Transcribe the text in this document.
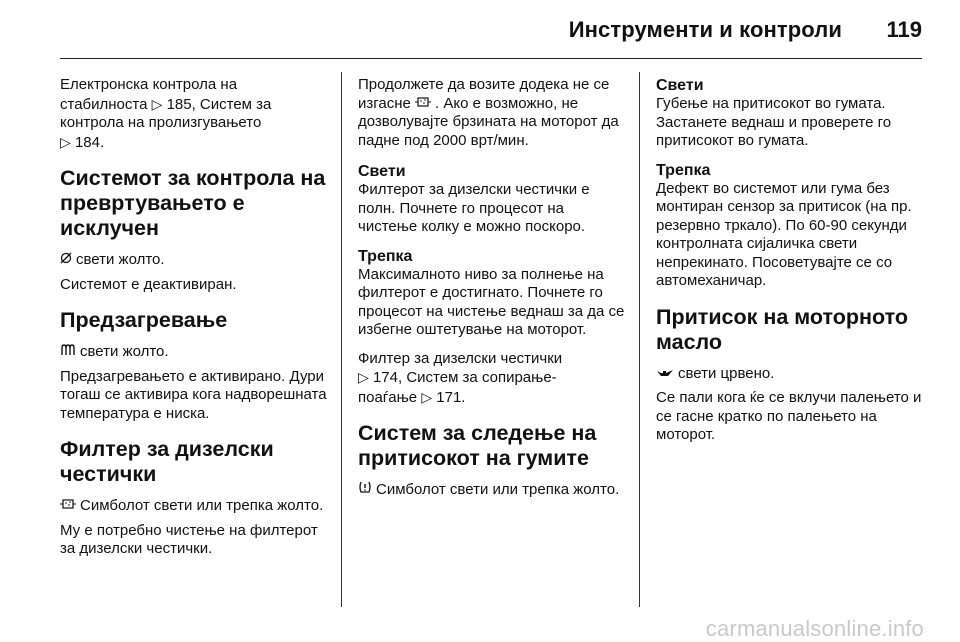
Инструменти и контроли 119

Електронска контрола на
стабилноста ▷ 185, Систем за
контрола на пролизгувањето
▷ 184.

Системот за контрола на превртувањето е исклучен

свети жолто.

Системот е деактивиран.

Предзагревање

свети жолто.

Предзагревањето е активирано. Дури тогаш се активира кога надворешната температура е ниска.

Филтер за дизелски честички

Симболот свети или трепка жолто.

Му е потребно чистење на филтерот за дизелски честички.

Продолжете да возите додека не се изгасне . Ако е возможно, не дозволувајте брзината на моторот да падне под 2000 врт/мин.

Свети

Филтерот за дизелски честички е полн. Почнете го процесот на чистење колку е можно поскоро.

Трепка

Максималното ниво за полнење на филтерот е достигнато. Почнете го процесот на чистење веднаш за да се избегне оштетување на моторот.

Филтер за дизелски честички
▷ 174, Систем за сопирање-
поаѓање ▷ 171.

Систем за следење на притисокот на гумите

Симболот свети или трепка жолто.

Свети

Губење на притисокот во гумата. Застанете веднаш и проверете го притисокот во гумата.

Трепка

Дефект во системот или гума без монтиран сензор за притисок (на пр. резервно тркало). По 60-90 секунди контролната сијаличка свети непрекинато. Посоветувајте се со автомеханичар.

Притисок на моторното масло

свети црвено.

Се пали кога ќе се вклучи палењето и се гасне кратко по палењето на моторот.

carmanualsonline.info
